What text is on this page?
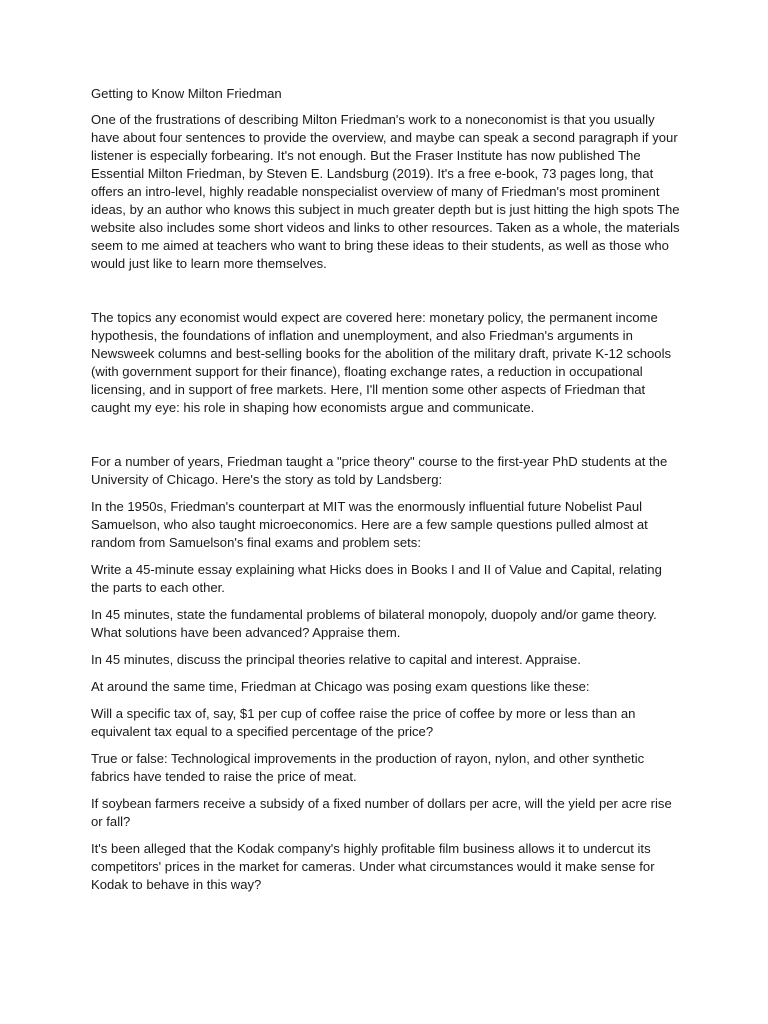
Getting to Know Milton Friedman

One of the frustrations of describing Milton Friedman's work to a noneconomist is that you usually have about four sentences to provide the overview, and maybe can speak a second paragraph if your listener is especially forbearing. It's not enough. But the Fraser Institute has now published The Essential Milton Friedman, by Steven E. Landsburg (2019). It's a free e-book, 73 pages long, that offers an intro-level, highly readable nonspecialist overview of many of Friedman's most prominent ideas, by an author who knows this subject in much greater depth but is just hitting the high spots The website also includes some short videos and links to other resources. Taken as a whole, the materials seem to me aimed at teachers who want to bring these ideas to their students, as well as those who would just like to learn more themselves.

The topics any economist would expect are covered here: monetary policy, the permanent income hypothesis, the foundations of inflation and unemployment, and also Friedman's arguments in Newsweek columns and best-selling books for the abolition of the military draft, private K-12 schools (with government support for their finance), floating exchange rates, a reduction in occupational licensing, and in support of free markets. Here, I'll mention some other aspects of Friedman that caught my eye: his role in shaping how economists argue and communicate.

For a number of years, Friedman taught a "price theory" course to the first-year PhD students at the University of Chicago. Here's the story as told by Landsberg:

In the 1950s, Friedman's counterpart at MIT was the enormously influential future Nobelist Paul Samuelson, who also taught microeconomics. Here are a few sample questions pulled almost at random from Samuelson's final exams and problem sets:

Write a 45-minute essay explaining what Hicks does in Books I and II of Value and Capital, relating the parts to each other.

In 45 minutes, state the fundamental problems of bilateral monopoly, duopoly and/or game theory. What solutions have been advanced? Appraise them.

In 45 minutes, discuss the principal theories relative to capital and interest. Appraise.

At around the same time, Friedman at Chicago was posing exam questions like these:

Will a specific tax of, say, $1 per cup of coffee raise the price of coffee by more or less than an equivalent tax equal to a specified percentage of the price?

True or false: Technological improvements in the production of rayon, nylon, and other synthetic fabrics have tended to raise the price of meat.

If soybean farmers receive a subsidy of a fixed number of dollars per acre, will the yield per acre rise or fall?

It's been alleged that the Kodak company's highly profitable film business allows it to undercut its competitors' prices in the market for cameras. Under what circumstances would it make sense for Kodak to behave in this way?
